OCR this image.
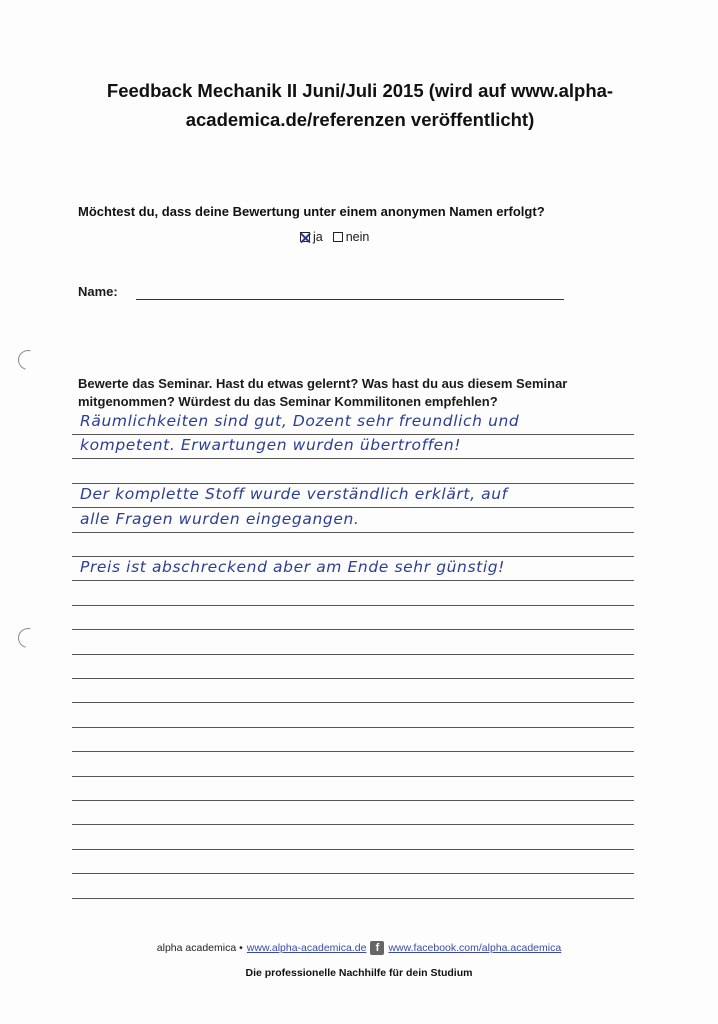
Feedback Mechanik II Juni/Juli 2015 (wird auf www.alpha-
academica.de/referenzen veröffentlicht)
Möchtest du, dass deine Bewertung unter einem anonymen Namen erfolgt?
ja nein
Name:
Bewerte das Seminar. Hast du etwas gelernt? Was hast du aus diesem Seminar
mitgenommen? Würdest du das Seminar Kommilitonen empfehlen?
Räumlichkeiten sind gut, Dozent sehr freundlich und
kompetent. Erwartungen wurden übertroffen!
Der komplette Stoff wurde verständlich erklärt, auf
alle Fragen wurden eingegangen.
Preis ist abschreckend aber am Ende sehr günstig!
alpha academica • www.alpha-academica.de f www.facebook.com/alpha.academica
Die professionelle Nachhilfe für dein Studium
